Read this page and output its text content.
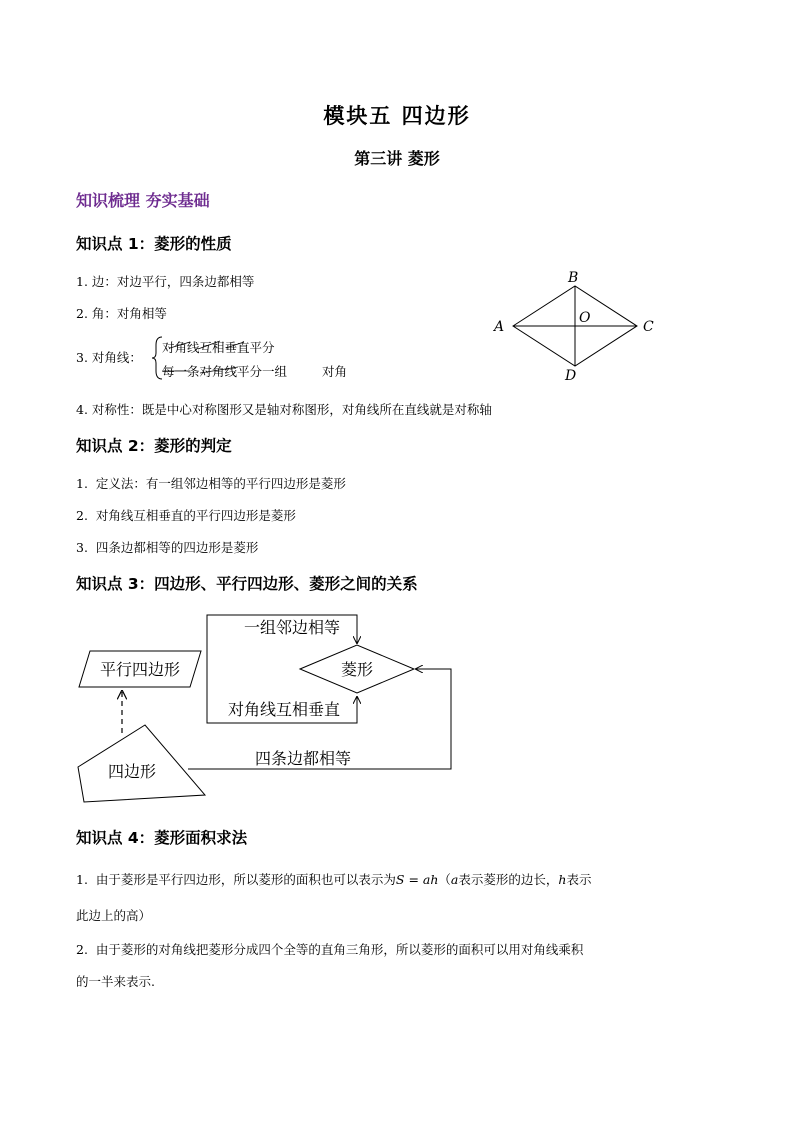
模块五 四边形
第三讲 菱形
知识梳理 夯实基础
知识点 1：菱形的性质
1. 边：对边平行，四条边都相等
2. 角：对角相等
3. 对角线：
对角线互相垂直平分
每一条对角线平分一组	对角
4. 对称性：既是中心对称图形又是轴对称图形，对角线所在直线就是对称轴
B
A
O
C
D
知识点 2：菱形的判定
1. 定义法：有一组邻边相等的平行四边形是菱形
2. 对角线互相垂直的平行四边形是菱形
3. 四条边都相等的四边形是菱形
知识点 3：四边形、平行四边形、菱形之间的关系
平行四边形	菱形
四边形
一组邻边相等
对角线互相垂直
四条边都相等
知识点 4：菱形面积求法
1. 由于菱形是平行四边形，所以菱形的面积也可以表示为S = ah（a表示菱形的边长，h表示
此边上的高）
2. 由于菱形的对角线把菱形分成四个全等的直角三角形，所以菱形的面积可以用对角线乘积
的一半来表示.
